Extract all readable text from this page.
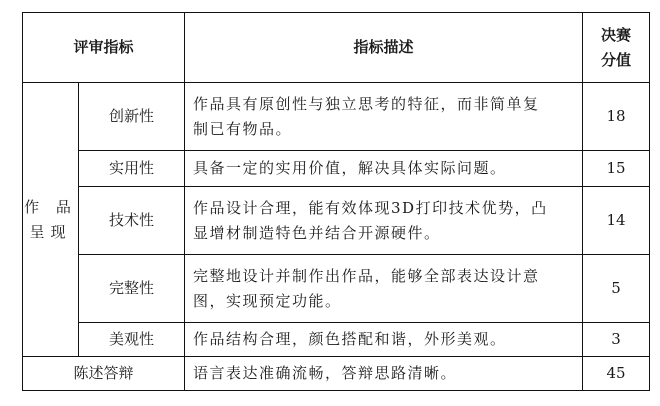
评审指标		指标描述	决赛
分值

作 品
呈现	创新性	作品具有原创性与独立思考的特征，而非简单复
制已有物品。	18
	实用性	具备一定的实用价值，解决具体实际问题。	15
	技术性	作品设计合理，能有效体现3D打印技术优势，凸
显增材制造特色并结合开源硬件。	14
	完整性	完整地设计并制作出作品，能够全部表达设计意
图，实现预定功能。	5
	美观性	作品结构合理，颜色搭配和谐，外形美观。	3
陈述答辩		语言表达准确流畅，答辩思路清晰。	45
